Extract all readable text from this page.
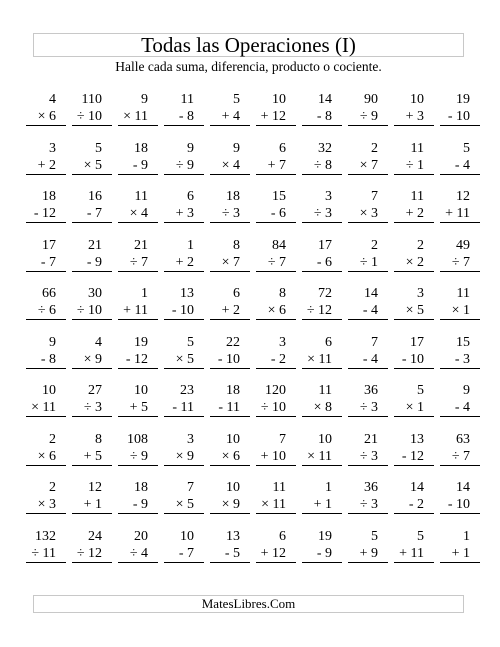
Todas las Operaciones (I)
Halle cada suma, diferencia, producto o cociente.
4
× 6
110
÷ 10
9
× 11
11
- 8
5
+ 4
10
+ 12
14
- 8
90
÷ 9
10
+ 3
19
- 10
3
+ 2
5
× 5
18
- 9
9
÷ 9
9
× 4
6
+ 7
32
÷ 8
2
× 7
11
÷ 1
5
- 4
18
- 12
16
- 7
11
× 4
6
+ 3
18
÷ 3
15
- 6
3
÷ 3
7
× 3
11
+ 2
12
+ 11
17
- 7
21
- 9
21
÷ 7
1
+ 2
8
× 7
84
÷ 7
17
- 6
2
÷ 1
2
× 2
49
÷ 7
66
÷ 6
30
÷ 10
1
+ 11
13
- 10
6
+ 2
8
× 6
72
÷ 12
14
- 4
3
× 5
11
× 1
9
- 8
4
× 9
19
- 12
5
× 5
22
- 10
3
- 2
6
× 11
7
- 4
17
- 10
15
- 3
10
× 11
27
÷ 3
10
+ 5
23
- 11
18
- 11
120
÷ 10
11
× 8
36
÷ 3
5
× 1
9
- 4
2
× 6
8
+ 5
108
÷ 9
3
× 9
10
× 6
7
+ 10
10
× 11
21
÷ 3
13
- 12
63
÷ 7
2
× 3
12
+ 1
18
- 9
7
× 5
10
× 9
11
× 11
1
+ 1
36
÷ 3
14
- 2
14
- 10
132
÷ 11
24
÷ 12
20
÷ 4
10
- 7
13
- 5
6
+ 12
19
- 9
5
+ 9
5
+ 11
1
+ 1
MatesLibres.Com
